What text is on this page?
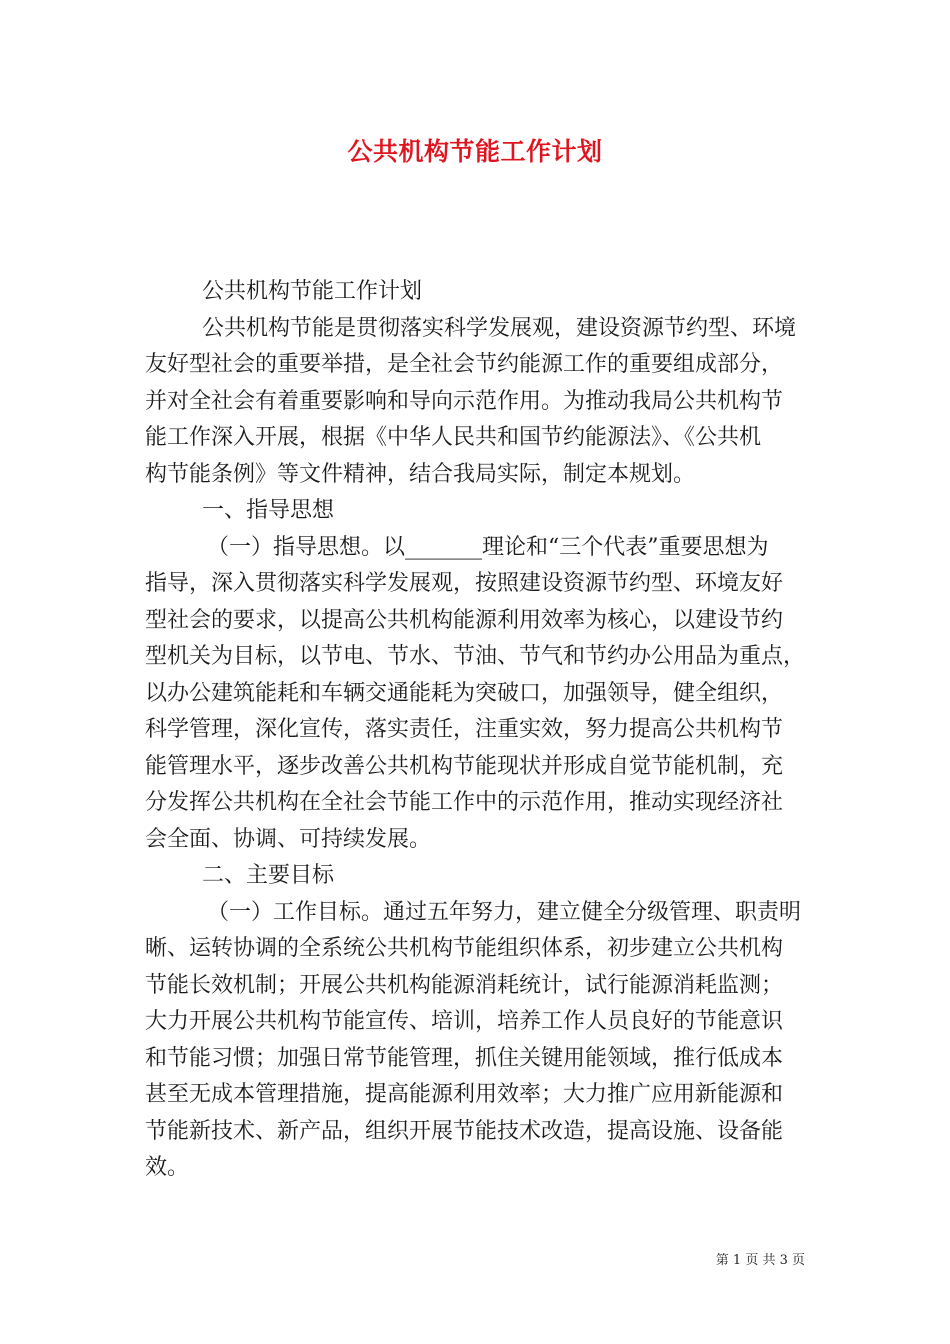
公共机构节能工作计划
公共机构节能工作计划
公共机构节能是贯彻落实科学发展观，建设资源节约型、环境
友好型社会的重要举措，是全社会节约能源工作的重要组成部分，
并对全社会有着重要影响和导向示范作用。为推动我局公共机构节
能工作深入开展，根据《中华人民共和国节约能源法》、《公共机
构节能条例》等文件精神，结合我局实际，制定本规划。
一、指导思想
（一）指导思想。以_______理论和“三个代表”重要思想为
指导，深入贯彻落实科学发展观，按照建设资源节约型、环境友好
型社会的要求，以提高公共机构能源利用效率为核心，以建设节约
型机关为目标，以节电、节水、节油、节气和节约办公用品为重点，
以办公建筑能耗和车辆交通能耗为突破口，加强领导，健全组织，
科学管理，深化宣传，落实责任，注重实效，努力提高公共机构节
能管理水平，逐步改善公共机构节能现状并形成自觉节能机制，充
分发挥公共机构在全社会节能工作中的示范作用，推动实现经济社
会全面、协调、可持续发展。
二、主要目标
（一）工作目标。通过五年努力，建立健全分级管理、职责明
晰、运转协调的全系统公共机构节能组织体系，初步建立公共机构
节能长效机制；开展公共机构能源消耗统计，试行能源消耗监测；
大力开展公共机构节能宣传、培训，培养工作人员良好的节能意识
和节能习惯；加强日常节能管理，抓住关键用能领域，推行低成本
甚至无成本管理措施，提高能源利用效率；大力推广应用新能源和
节能新技术、新产品，组织开展节能技术改造，提高设施、设备能
效。
第 1 页 共 3 页
